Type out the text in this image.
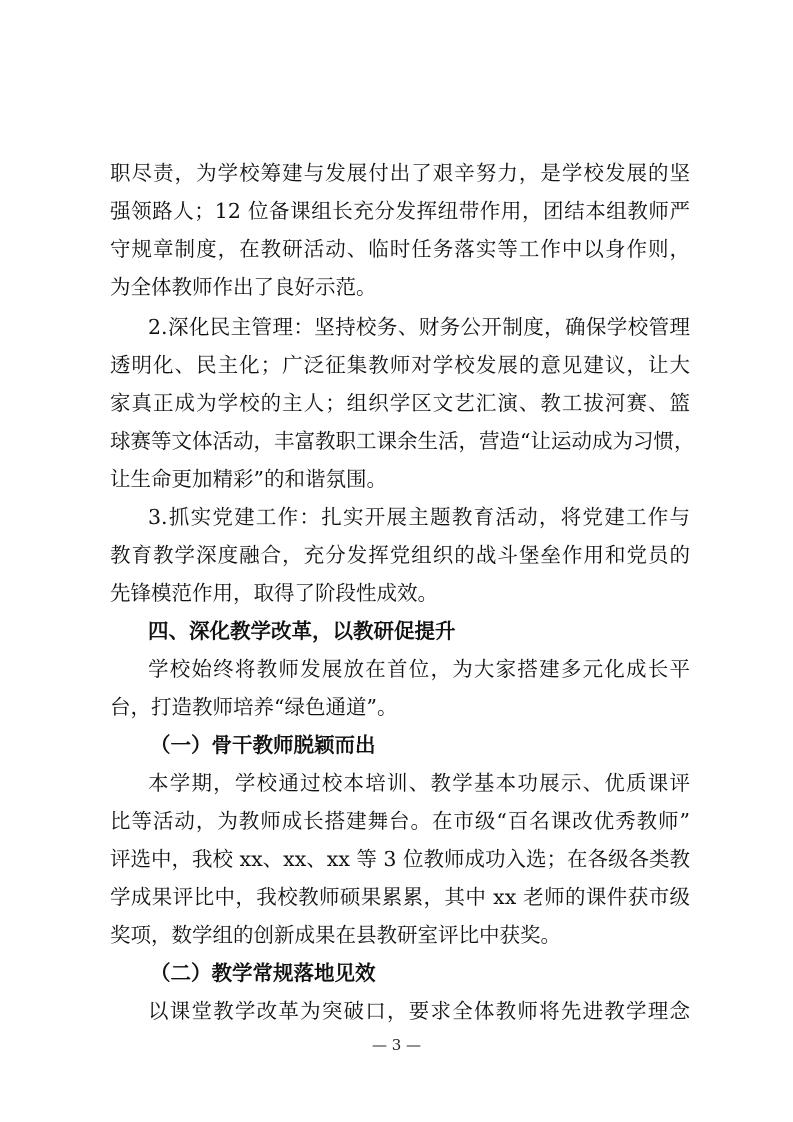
职尽责，为学校筹建与发展付出了艰辛努力，是学校发展的坚
强领路人；12 位备课组长充分发挥纽带作用，团结本组教师严
守规章制度，在教研活动、临时任务落实等工作中以身作则，
为全体教师作出了良好示范。
2.深化民主管理：坚持校务、财务公开制度，确保学校管理
透明化、民主化；广泛征集教师对学校发展的意见建议，让大
家真正成为学校的主人；组织学区文艺汇演、教工拔河赛、篮
球赛等文体活动，丰富教职工课余生活，营造“让运动成为习惯，
让生命更加精彩”的和谐氛围。
3.抓实党建工作：扎实开展主题教育活动，将党建工作与
教育教学深度融合，充分发挥党组织的战斗堡垒作用和党员的
先锋模范作用，取得了阶段性成效。
四、深化教学改革，以教研促提升
学校始终将教师发展放在首位，为大家搭建多元化成长平
台，打造教师培养“绿色通道”。
（一）骨干教师脱颖而出
本学期，学校通过校本培训、教学基本功展示、优质课评
比等活动，为教师成长搭建舞台。在市级“百名课改优秀教师”
评选中，我校 xx、xx、xx 等 3 位教师成功入选；在各级各类教
学成果评比中，我校教师硕果累累，其中 xx 老师的课件获市级
奖项，数学组的创新成果在县教研室评比中获奖。
（二）教学常规落地见效
以课堂教学改革为突破口，要求全体教师将先进教学理念
— 3 —
